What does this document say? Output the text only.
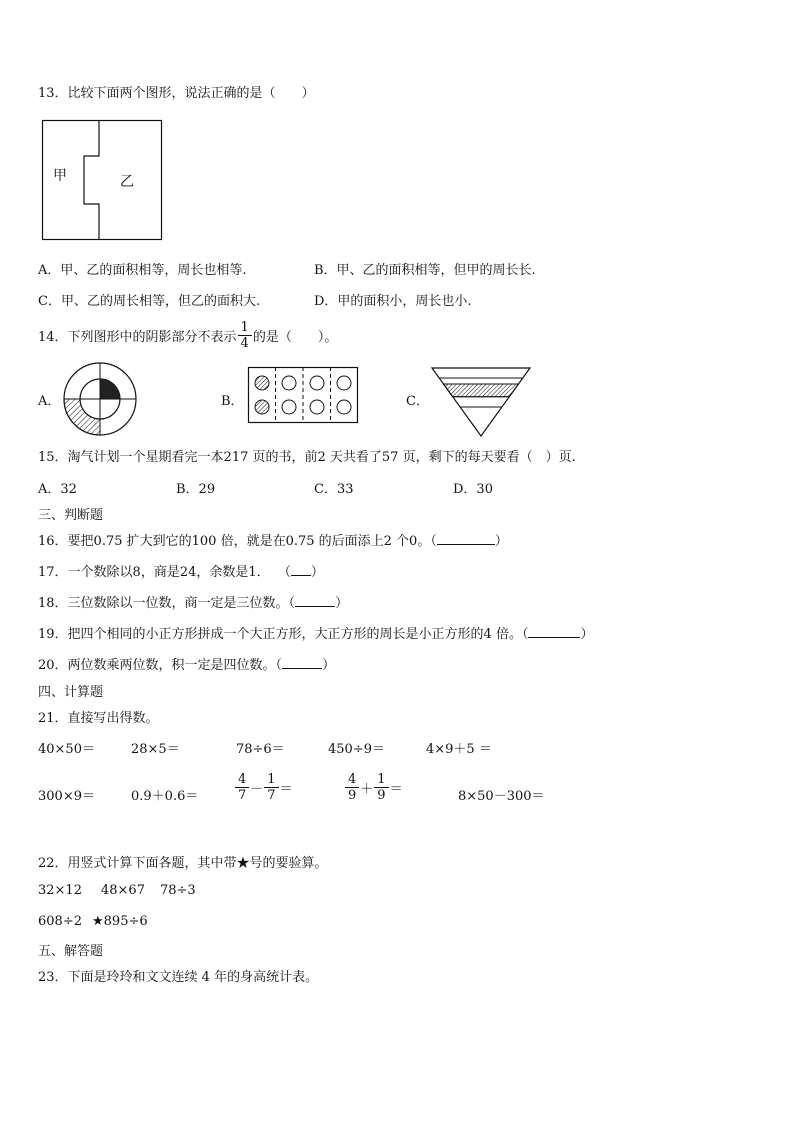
13．比较下面两个图形，说法正确的是（　　）
甲	乙
A．甲、乙的面积相等，周长也相等.	B．甲、乙的面积相等，但甲的周长长.
C．甲、乙的周长相等，但乙的面积大.	D．甲的面积小，周长也小.
14．下列图形中的阴影部分不表示 $\frac{1}{4}$ 的是（　　）。
A．	B．	C．
15．淘气计划一个星期看完一本217 页的书，前2 天共看了57 页，剩下的每天要看（　）页.
A．32	B．29	C．33	D．30
三、判断题
16．要把0.75 扩大到它的100 倍，就是在0.75 的后面添上2 个0。（	）
17．一个数除以8，商是24，余数是1． （ ）
18．三位数除以一位数，商一定是三位数。（	）
19．把四个相同的小正方形拼成一个大正方形，大正方形的周长是小正方形的4 倍。（	）
20．两位数乘两位数，积一定是四位数。（	）
四、计算题
21．直接写出得数。
40×50＝	28×5＝	78÷6＝	450÷9＝	4×9＋5 ＝
300×9＝	0.9＋0.6＝	$\frac{4}{7} - \frac{1}{7}$ ＝	$\frac{4}{9} + \frac{1}{9}$ ＝	8×50－300＝
22．用竖式计算下面各题，其中带★号的要验算。
32×12 48×67 78÷3
608÷2 ★895÷6
五、解答题
23．下面是玲玲和文文连续 4 年的身高统计表。
